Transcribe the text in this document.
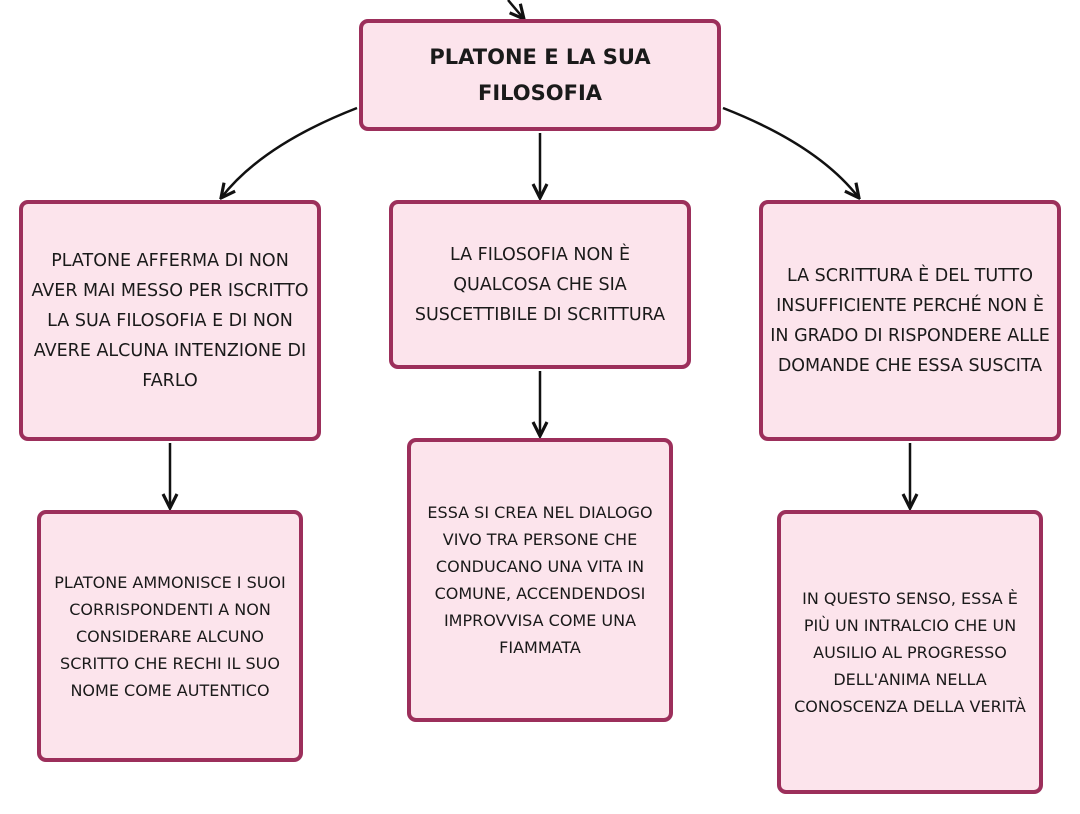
PLATONE E LA SUA FILOSOFIA
PLATONE AFFERMA DI NON AVER MAI MESSO PER ISCRITTO LA SUA FILOSOFIA E DI NON AVERE ALCUNA INTENZIONE DI FARLO
LA FILOSOFIA NON È QUALCOSA CHE SIA SUSCETTIBILE DI SCRITTURA
LA SCRITTURA È DEL TUTTO INSUFFICIENTE PERCHÉ NON È IN GRADO DI RISPONDERE ALLE DOMANDE CHE ESSA SUSCITA
PLATONE AMMONISCE I SUOI CORRISPONDENTI A NON CONSIDERARE ALCUNO SCRITTO CHE RECHI IL SUO NOME COME AUTENTICO
ESSA SI CREA NEL DIALOGO VIVO TRA PERSONE CHE CONDUCANO UNA VITA IN COMUNE, ACCENDENDOSI IMPROVVISA COME UNA FIAMMATA
IN QUESTO SENSO, ESSA È PIÙ UN INTRALCIO CHE UN AUSILIO AL PROGRESSO DELL'ANIMA NELLA CONOSCENZA DELLA VERITÀ
